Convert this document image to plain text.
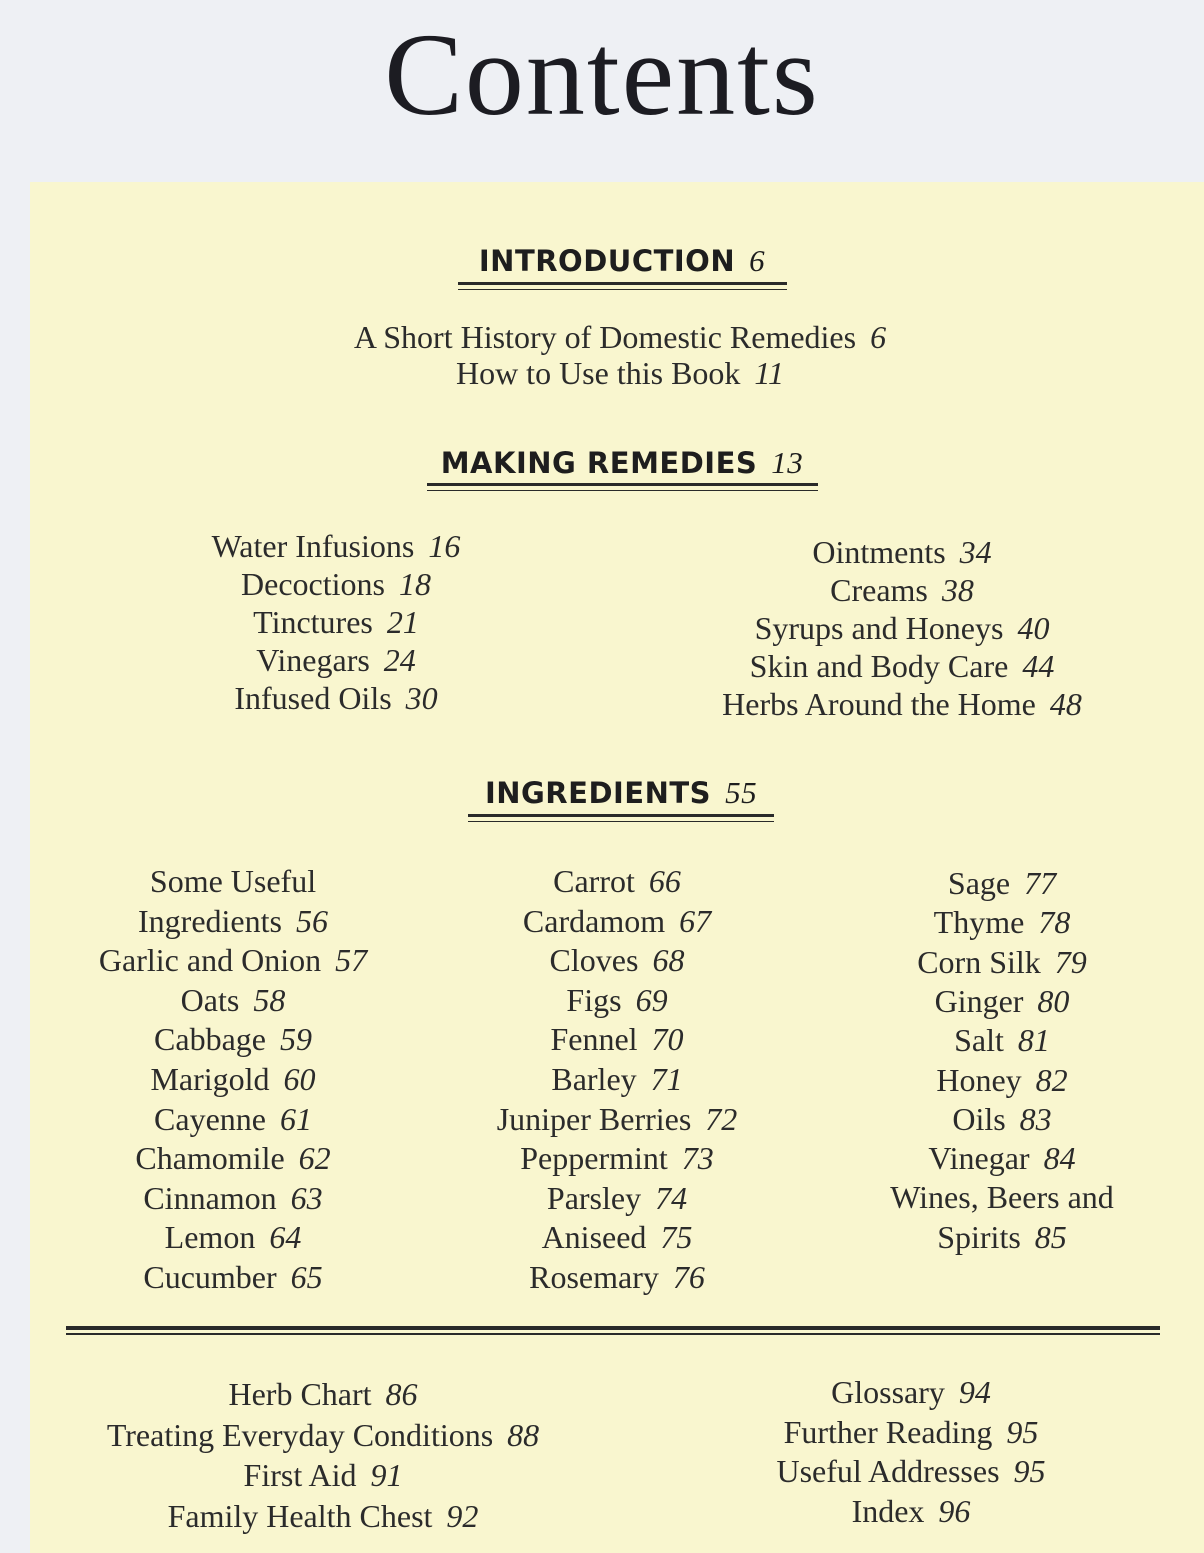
Contents
INTRODUCTION 6
A Short History of Domestic Remedies 6
How to Use this Book 11
MAKING REMEDIES 13
Water Infusions 16
Decoctions 18
Tinctures 21
Vinegars 24
Infused Oils 30
Ointments 34
Creams 38
Syrups and Honeys 40
Skin and Body Care 44
Herbs Around the Home 48
INGREDIENTS 55
Some Useful
Ingredients 56
Garlic and Onion 57
Oats 58
Cabbage 59
Marigold 60
Cayenne 61
Chamomile 62
Cinnamon 63
Lemon 64
Cucumber 65
Carrot 66
Cardamom 67
Cloves 68
Figs 69
Fennel 70
Barley 71
Juniper Berries 72
Peppermint 73
Parsley 74
Aniseed 75
Rosemary 76
Sage 77
Thyme 78
Corn Silk 79
Ginger 80
Salt 81
Honey 82
Oils 83
Vinegar 84
Wines, Beers and
Spirits 85
Herb Chart 86
Treating Everyday Conditions 88
First Aid 91
Family Health Chest 92
Glossary 94
Further Reading 95
Useful Addresses 95
Index 96
